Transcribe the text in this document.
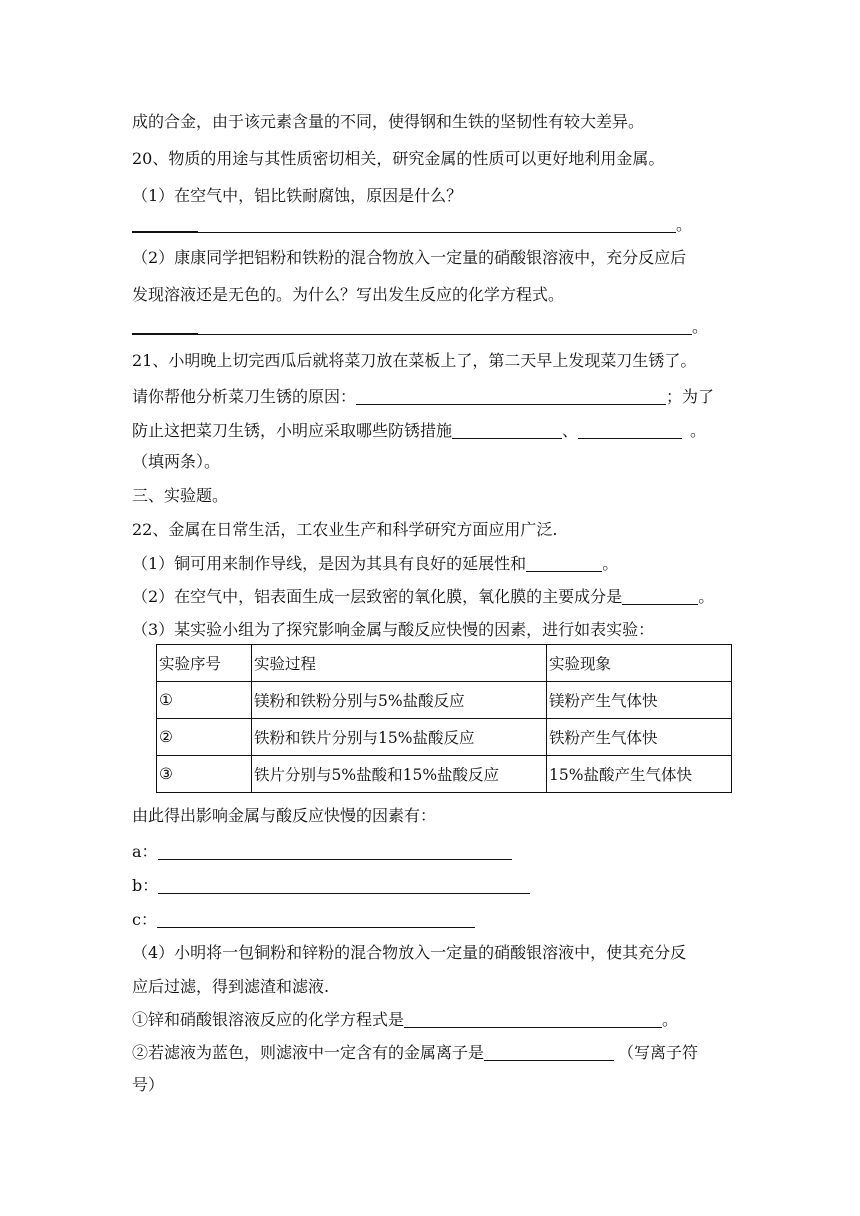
成的合金，由于该元素含量的不同，使得钢和生铁的坚韧性有较大差异。
20、物质的用途与其性质密切相关，研究金属的性质可以更好地利用金属。
（1）在空气中，铝比铁耐腐蚀，原因是什么？
。
（2）康康同学把铝粉和铁粉的混合物放入一定量的硝酸银溶液中，充分反应后
发现溶液还是无色的。为什么？写出发生反应的化学方程式。
。
21、小明晚上切完西瓜后就将菜刀放在菜板上了，第二天早上发现菜刀生锈了。
请你帮他分析菜刀生锈的原因：	；为了
防止这把菜刀生锈，小明应采取哪些防锈措施	、	。
（填两条）。
三、实验题。
22、金属在日常生活，工农业生产和科学研究方面应用广泛.
（1）铜可用来制作导线，是因为其具有良好的延展性和	。
（2）在空气中，铝表面生成一层致密的氧化膜，氧化膜的主要成分是	。
（3）某实验小组为了探究影响金属与酸反应快慢的因素，进行如表实验：
实验序号	实验过程	实验现象
①	镁粉和铁粉分别与5%盐酸反应	镁粉产生气体快
②	铁粉和铁片分别与15%盐酸反应	铁粉产生气体快
③	铁片分别与5%盐酸和15%盐酸反应	15%盐酸产生气体快
由此得出影响金属与酸反应快慢的因素有：
a：
b：
c：
（4）小明将一包铜粉和锌粉的混合物放入一定量的硝酸银溶液中，使其充分反
应后过滤，得到滤渣和滤液.
①锌和硝酸银溶液反应的化学方程式是	。
②若滤液为蓝色，则滤液中一定含有的金属离子是	（写离子符
号）
